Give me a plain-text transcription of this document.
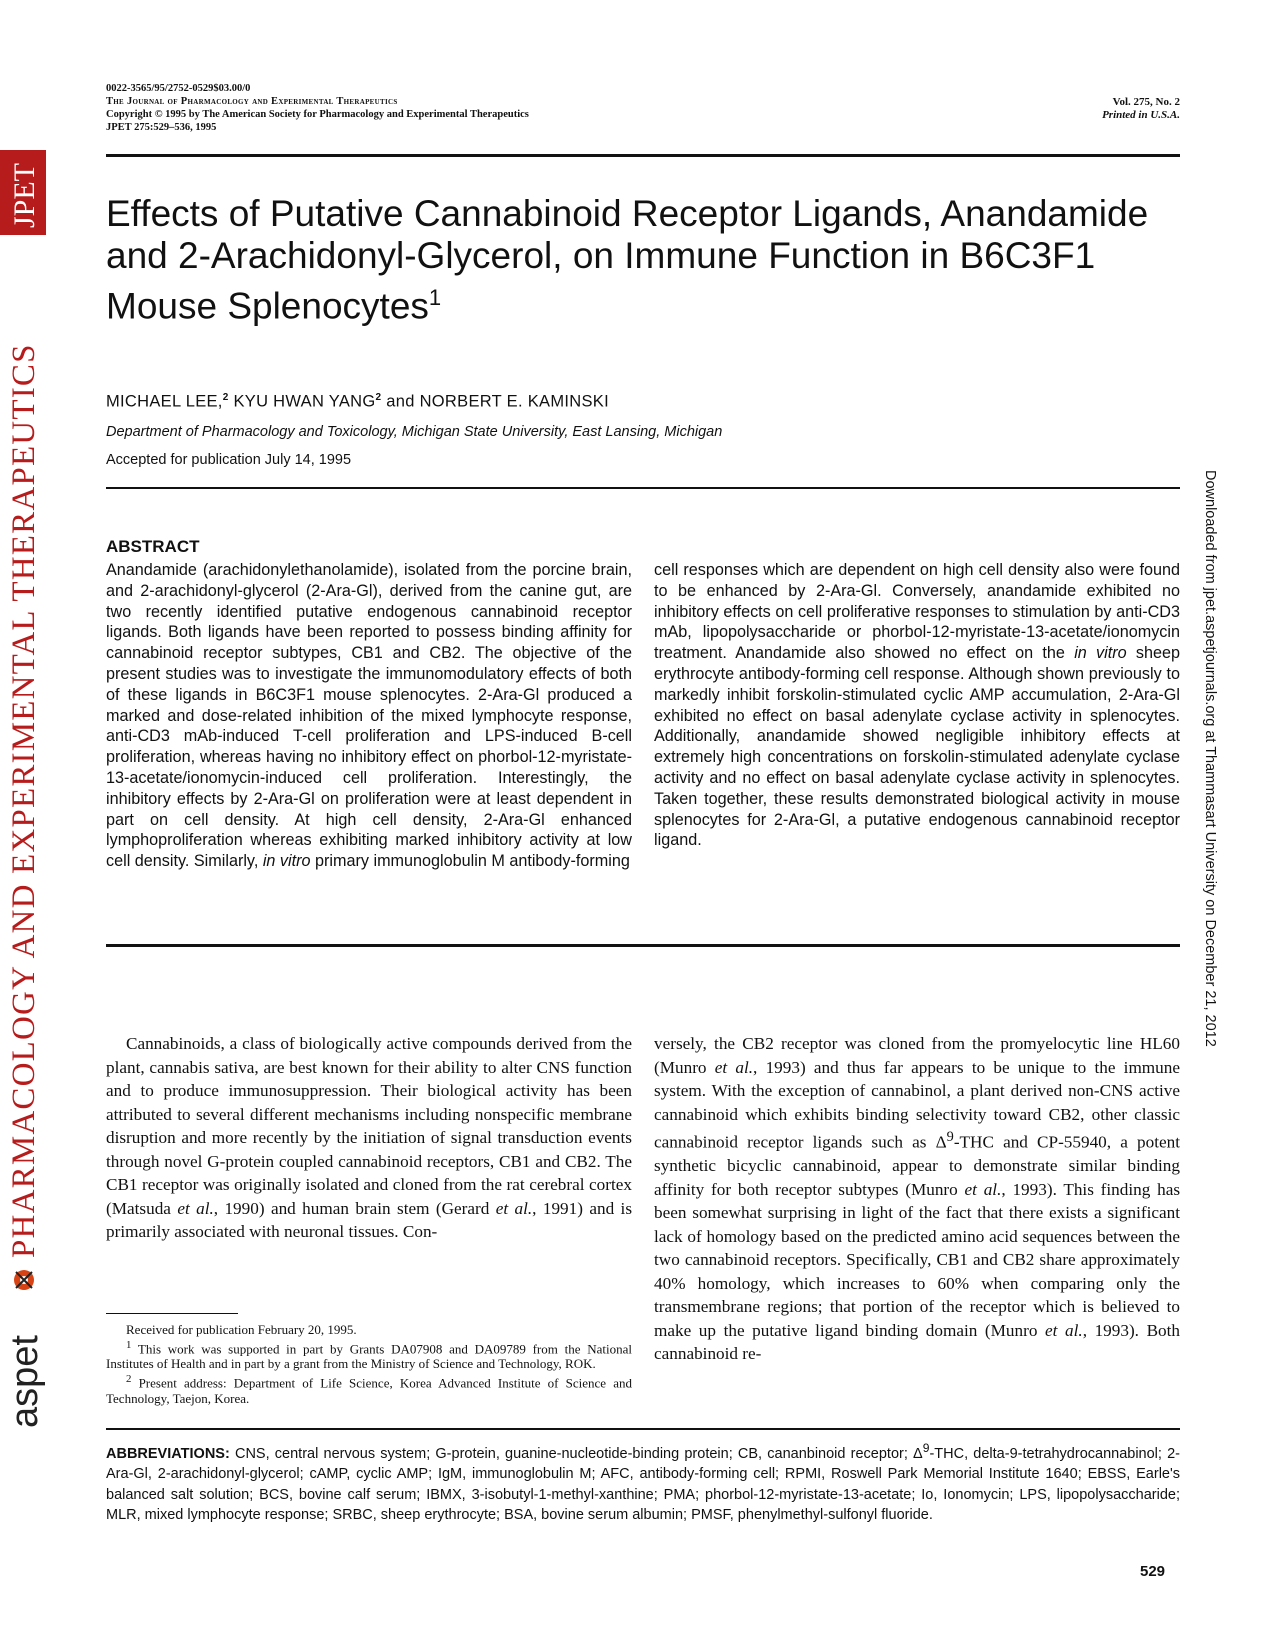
JPET
PHARMACOLOGY AND EXPERIMENTAL THERAPEUTICS
aspet
Downloaded from jpet.aspetjournals.org at Thammasart University on December 21, 2012
0022-3565/95/2752-0529$03.00/0
The Journal of Pharmacology and Experimental Therapeutics
Copyright © 1995 by The American Society for Pharmacology and Experimental Therapeutics
JPET 275:529–536, 1995
Vol. 275, No. 2
Printed in U.S.A.
Effects of Putative Cannabinoid Receptor Ligands, Anandamide and 2-Arachidonyl-Glycerol, on Immune Function in B6C3F1 Mouse Splenocytes$^1$
MICHAEL LEE,$^2$ KYU HWAN YANG$^2$ and NORBERT E. KAMINSKI
Department of Pharmacology and Toxicology, Michigan State University, East Lansing, Michigan
Accepted for publication July 14, 1995
ABSTRACT
Anandamide (arachidonylethanolamide), isolated from the porcine brain, and 2-arachidonyl-glycerol (2-Ara-Gl), derived from the canine gut, are two recently identified putative endogenous cannabinoid receptor ligands. Both ligands have been reported to possess binding affinity for cannabinoid receptor subtypes, CB1 and CB2. The objective of the present studies was to investigate the immunomodulatory effects of both of these ligands in B6C3F1 mouse splenocytes. 2-Ara-Gl produced a marked and dose-related inhibition of the mixed lymphocyte response, anti-CD3 mAb-induced T-cell proliferation and LPS-induced B-cell proliferation, whereas having no inhibitory effect on phorbol-12-myristate-13-acetate/ionomycin-induced cell proliferation. Interestingly, the inhibitory effects by 2-Ara-Gl on proliferation were at least dependent in part on cell density. At high cell density, 2-Ara-Gl enhanced lymphoproliferation whereas exhibiting marked inhibitory activity at low cell density. Similarly, in vitro primary immunoglobulin M antibody-forming
cell responses which are dependent on high cell density also were found to be enhanced by 2-Ara-Gl. Conversely, anandamide exhibited no inhibitory effects on cell proliferative responses to stimulation by anti-CD3 mAb, lipopolysaccharide or phorbol-12-myristate-13-acetate/ionomycin treatment. Anandamide also showed no effect on the in vitro sheep erythrocyte antibody-forming cell response. Although shown previously to markedly inhibit forskolin-stimulated cyclic AMP accumulation, 2-Ara-Gl exhibited no effect on basal adenylate cyclase activity in splenocytes. Additionally, anandamide showed negligible inhibitory effects at extremely high concentrations on forskolin-stimulated adenylate cyclase activity and no effect on basal adenylate cyclase activity in splenocytes. Taken together, these results demonstrated biological activity in mouse splenocytes for 2-Ara-Gl, a putative endogenous cannabinoid receptor ligand.
Cannabinoids, a class of biologically active compounds derived from the plant, cannabis sativa, are best known for their ability to alter CNS function and to produce immunosuppression. Their biological activity has been attributed to several different mechanisms including nonspecific membrane disruption and more recently by the initiation of signal transduction events through novel G-protein coupled cannabinoid receptors, CB1 and CB2. The CB1 receptor was originally isolated and cloned from the rat cerebral cortex (Matsuda et al., 1990) and human brain stem (Gerard et al., 1991) and is primarily associated with neuronal tissues. Con-
versely, the CB2 receptor was cloned from the promyelocytic line HL60 (Munro et al., 1993) and thus far appears to be unique to the immune system. With the exception of cannabinol, a plant derived non-CNS active cannabinoid which exhibits binding selectivity toward CB2, other classic cannabinoid receptor ligands such as $\Delta^9$-THC and CP-55940, a potent synthetic bicyclic cannabinoid, appear to demonstrate similar binding affinity for both receptor subtypes (Munro et al., 1993). This finding has been somewhat surprising in light of the fact that there exists a significant lack of homology based on the predicted amino acid sequences between the two cannabinoid receptors. Specifically, CB1 and CB2 share approximately 40% homology, which increases to 60% when comparing only the transmembrane regions; that portion of the receptor which is believed to make up the putative ligand binding domain (Munro et al., 1993). Both cannabinoid re-
Received for publication February 20, 1995.
$^1$ This work was supported in part by Grants DA07908 and DA09789 from the National Institutes of Health and in part by a grant from the Ministry of Science and Technology, ROK.
$^2$ Present address: Department of Life Science, Korea Advanced Institute of Science and Technology, Taejon, Korea.
ABBREVIATIONS: CNS, central nervous system; G-protein, guanine-nucleotide-binding protein; CB, cananbinoid receptor; $\Delta^9$-THC, delta-9-tetrahydrocannabinol; 2-Ara-Gl, 2-arachidonyl-glycerol; cAMP, cyclic AMP; IgM, immunoglobulin M; AFC, antibody-forming cell; RPMI, Roswell Park Memorial Institute 1640; EBSS, Earle's balanced salt solution; BCS, bovine calf serum; IBMX, 3-isobutyl-1-methyl-xanthine; PMA; phorbol-12-myristate-13-acetate; Io, Ionomycin; LPS, lipopolysaccharide; MLR, mixed lymphocyte response; SRBC, sheep erythrocyte; BSA, bovine serum albumin; PMSF, phenylmethyl-sulfonyl fluoride.
529
